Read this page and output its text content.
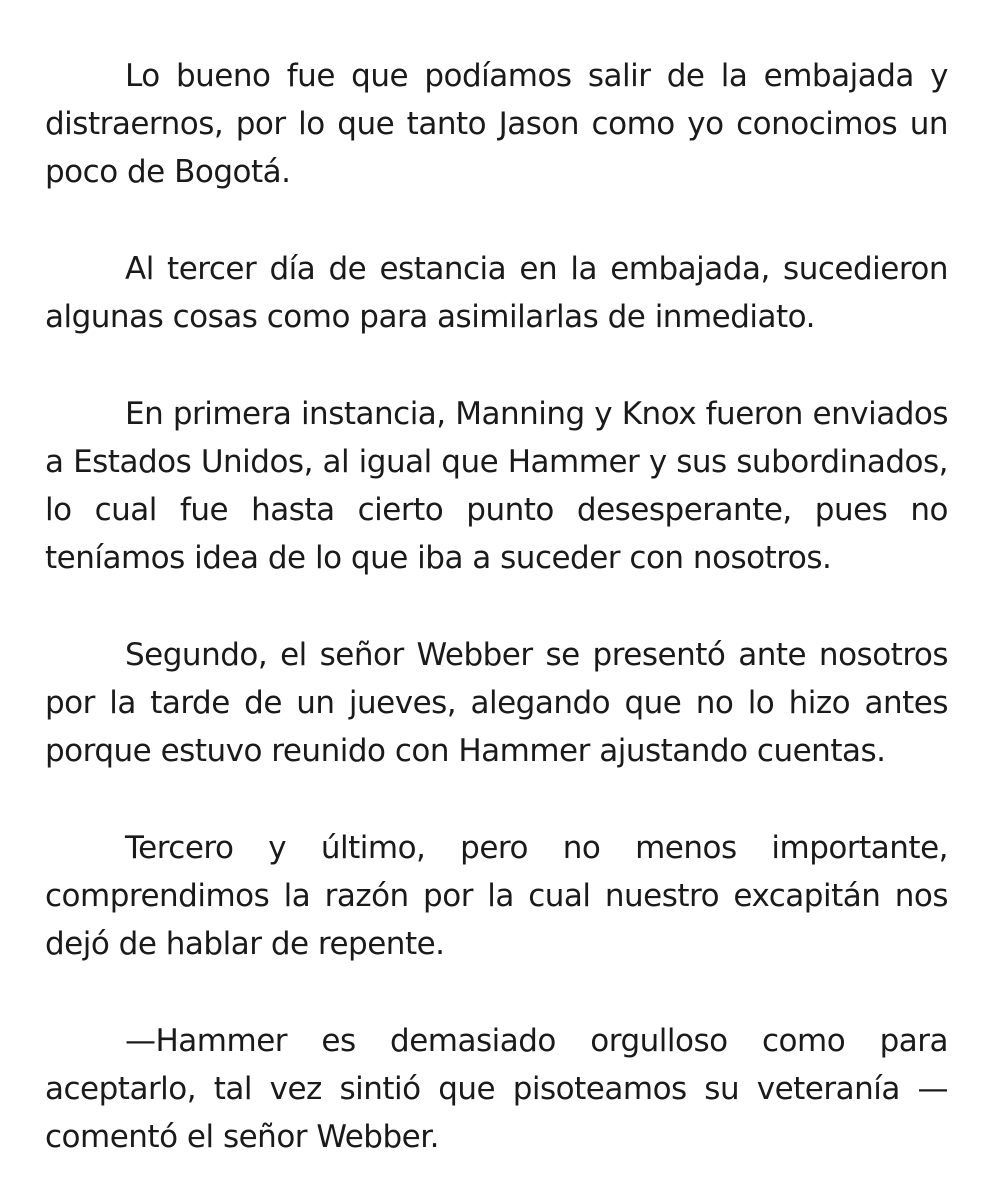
Lo bueno fue que podíamos salir de la embajada y distraernos, por lo que tanto Jason como yo conocimos un poco de Bogotá.

Al tercer día de estancia en la embajada, sucedieron algunas cosas como para asimilarlas de inmediato.

En primera instancia, Manning y Knox fueron enviados a Estados Unidos, al igual que Hammer y sus subordinados, lo cual fue hasta cierto punto desesperante, pues no teníamos idea de lo que iba a suceder con nosotros.

Segundo, el señor Webber se presentó ante nosotros por la tarde de un jueves, alegando que no lo hizo antes porque estuvo reunido con Hammer ajustando cuentas.

Tercero y último, pero no menos importante, comprendimos la razón por la cual nuestro excapitán nos dejó de hablar de repente.

—Hammer es demasiado orgulloso como para aceptarlo, tal vez sintió que pisoteamos su veteranía —comentó el señor Webber.
